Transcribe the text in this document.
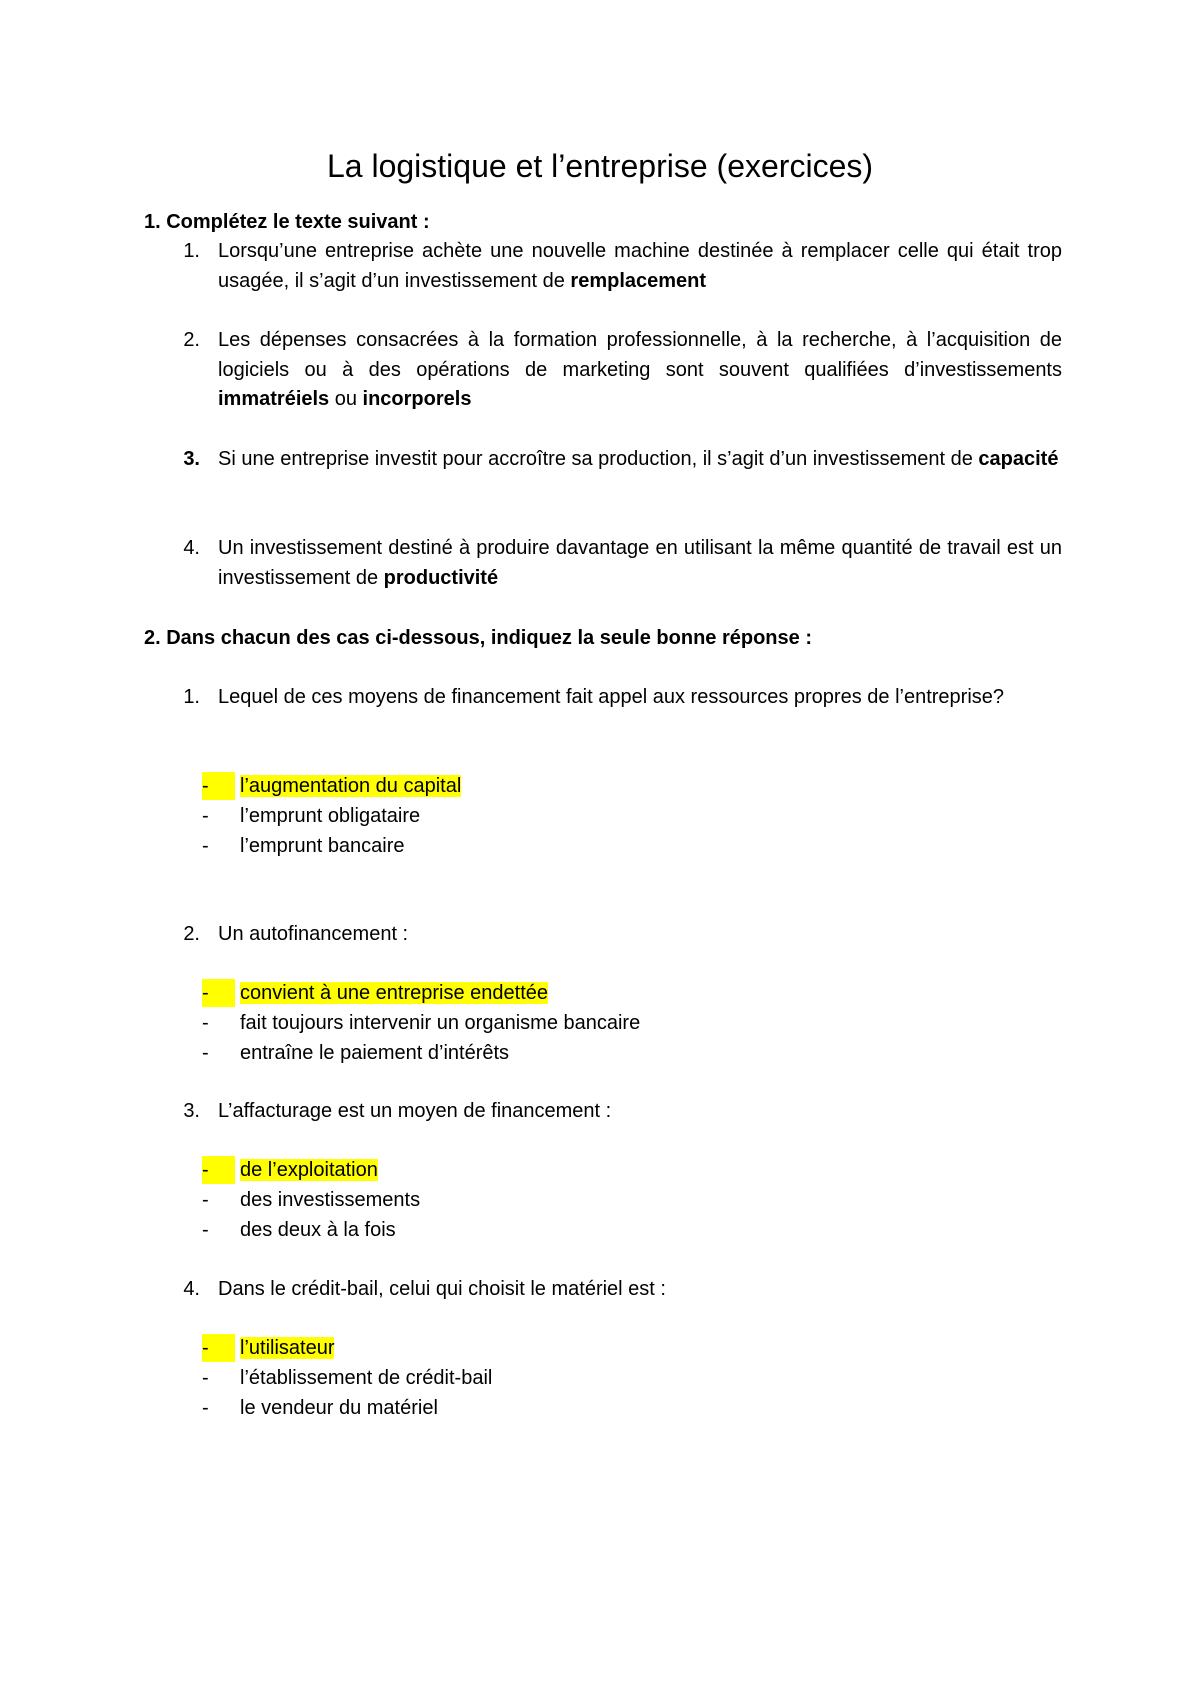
La logistique et l’entreprise (exercices)
1. Complétez le texte suivant :
1. Lorsqu’une entreprise achète une nouvelle machine destinée à remplacer celle qui était trop usagée, il s’agit d’un investissement de remplacement
2. Les dépenses consacrées à la formation professionnelle, à la recherche, à l’acquisition de logiciels ou à des opérations de marketing sont souvent qualifiées d’investissements immatréiels ou incorporels
3. Si une entreprise investit pour accroître sa production, il s’agit d’un investissement de capacité
4. Un investissement destiné à produire davantage en utilisant la même quantité de travail est un investissement de productivité
2. Dans chacun des cas ci-dessous, indiquez la seule bonne réponse :
1. Lequel de ces moyens de financement fait appel aux ressources propres de l’entreprise?
-	l’augmentation du capital
- l’emprunt obligataire
- l’emprunt bancaire
2. Un autofinancement :
-	convient à une entreprise endettée
- fait toujours intervenir un organisme bancaire
- entraîne le paiement d’intérêts
3. L’affacturage est un moyen de financement :
-	de l’exploitation
- des investissements
- des deux à la fois
4. Dans le crédit-bail, celui qui choisit le matériel est :
-	l’utilisateur
- l’établissement de crédit-bail
- le vendeur du matériel
